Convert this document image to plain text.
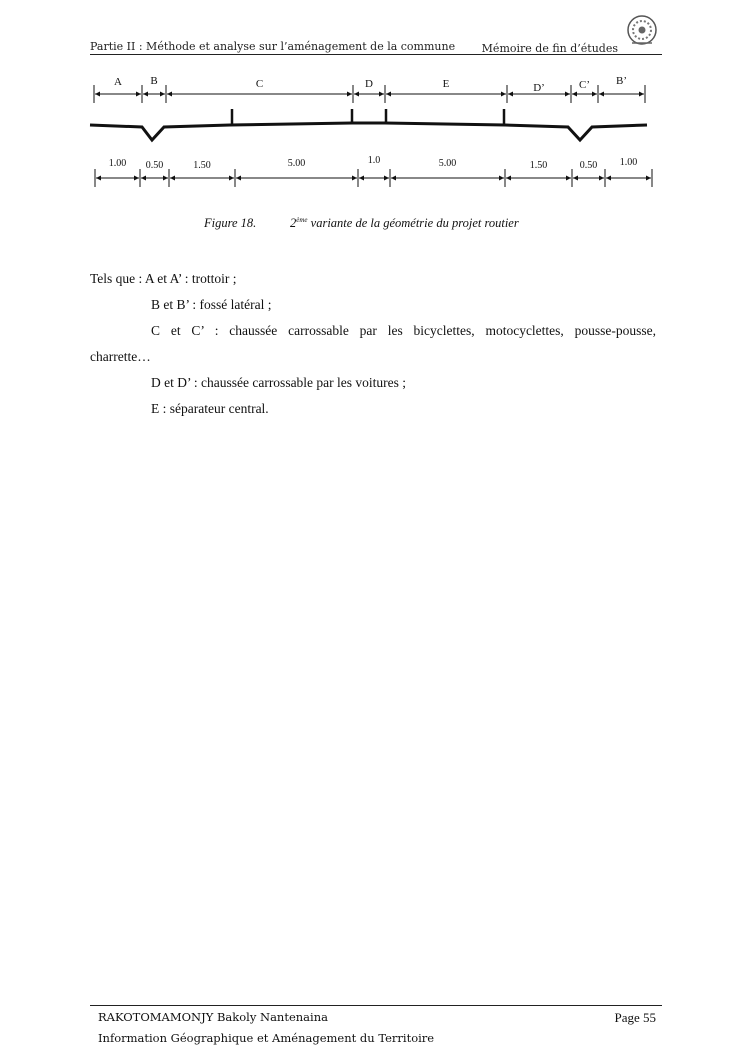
Partie II : Méthode et analyse sur l’aménagement de la commune Mémoire de fin d’études
A	B	C	D	E	D’	C’ B’
1.00 0.50	1.50	5.00	1.0	5.00	1.50	0.50 1.00
Figure 18.	2ème variante de la géométrie du projet routier

Tels que : A et A’ : trottoir ;

B et B’ : fossé latéral ;

C et C’ : chaussée carrossable par les bicyclettes, motocyclettes, pousse-pousse,

charrette…

D et D’ : chaussée carrossable par les voitures ;

E : séparateur central.

RAKOTOMAMONJY Bakoly Nantenaina
Information Géographique et Aménagement du Territoire
Page 55
